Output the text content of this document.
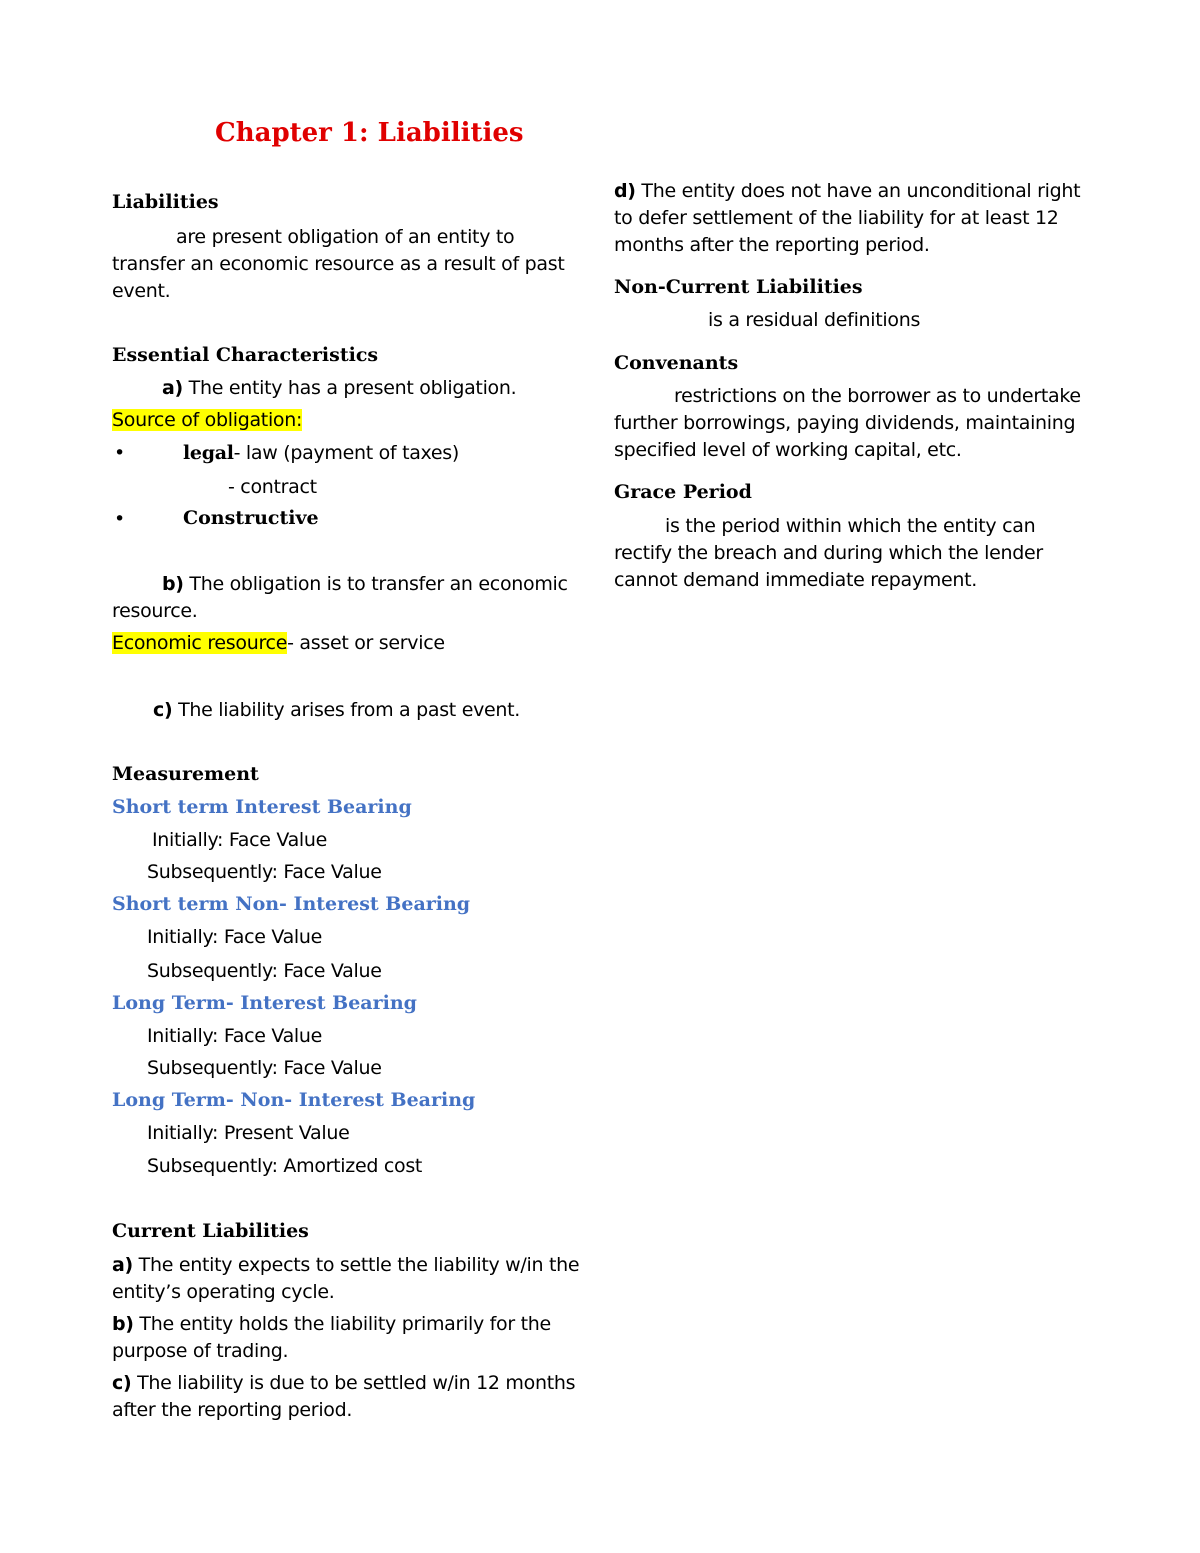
Chapter 1: Liabilities
Liabilities
are present obligation of an entity to
transfer an economic resource as a result of past
event.
Essential Characteristics
a) The entity has a present obligation.
Source of obligation:
•	legal- law (payment of taxes)
- contract
•	Constructive
b) The obligation is to transfer an economic
resource.
Economic resource- asset or service
c) The liability arises from a past event.
Measurement
Short term Interest Bearing
Initially: Face Value
Subsequently: Face Value
Short term Non- Interest Bearing
Initially: Face Value
Subsequently: Face Value
Long Term- Interest Bearing
Initially: Face Value
Subsequently: Face Value
Long Term- Non- Interest Bearing
Initially: Present Value
Subsequently: Amortized cost
Current Liabilities
a) The entity expects to settle the liability w/in the
entity’s operating cycle.
b) The entity holds the liability primarily for the
purpose of trading.
c) The liability is due to be settled w/in 12 months
after the reporting period.
d) The entity does not have an unconditional right
to defer settlement of the liability for at least 12
months after the reporting period.
Non-Current Liabilities
is a residual definitions
Convenants
restrictions on the borrower as to undertake
further borrowings, paying dividends, maintaining
specified level of working capital, etc.
Grace Period
is the period within which the entity can
rectify the breach and during which the lender
cannot demand immediate repayment.
